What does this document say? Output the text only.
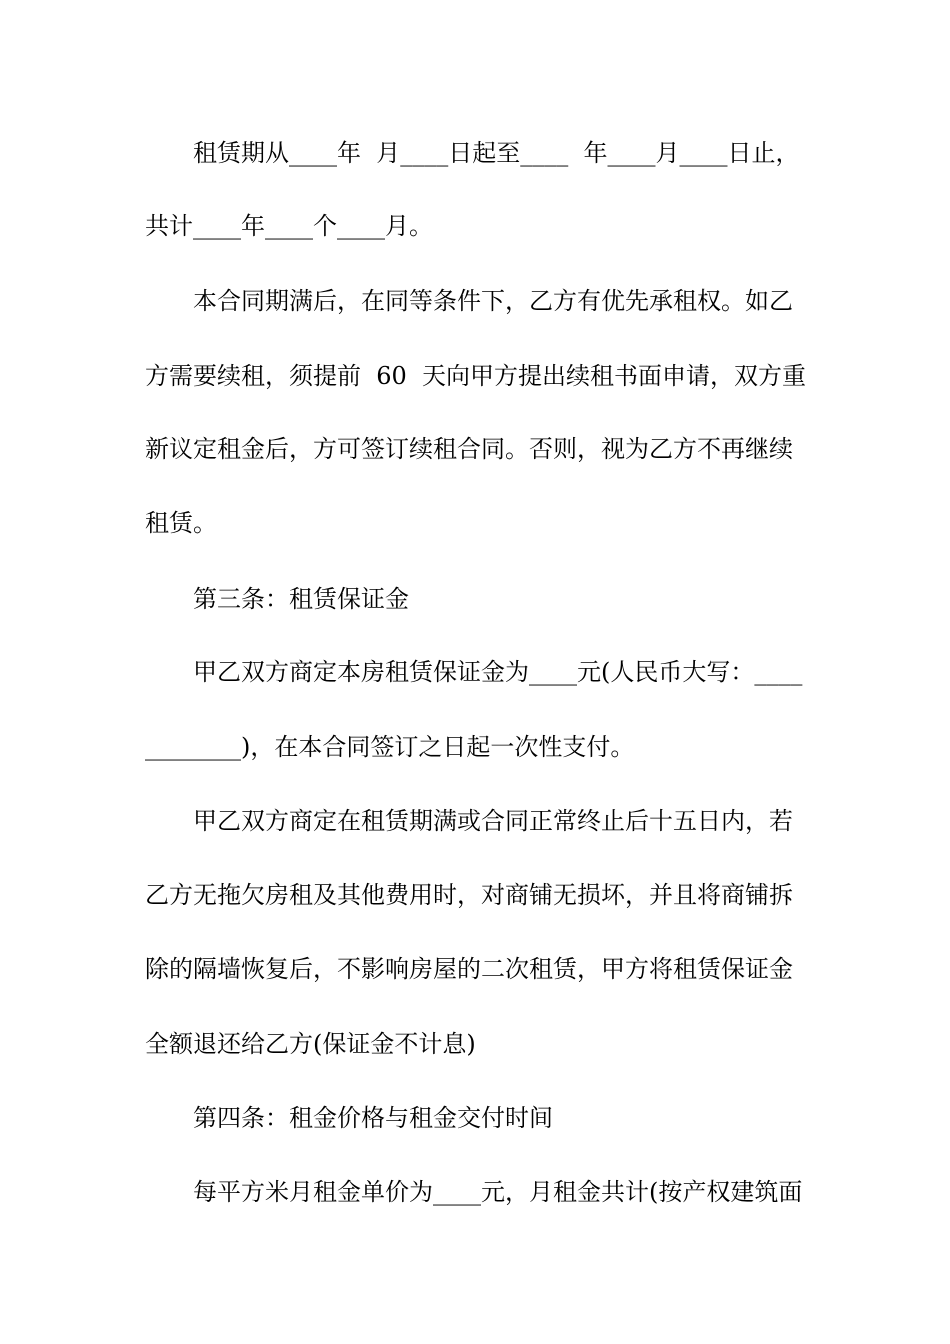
租赁期从____年  月____日起至____  年____月____日止，
共计____年____个____月。
本合同期满后，在同等条件下，乙方有优先承租权。如乙
方需要续租，须提前  60  天向甲方提出续租书面申请，双方重
新议定租金后，方可签订续租合同。否则，视为乙方不再继续
租赁。
第三条：租赁保证金
甲乙双方商定本房租赁保证金为____元(人民币大写：____
________)，在本合同签订之日起一次性支付。
甲乙双方商定在租赁期满或合同正常终止后十五日内，若
乙方无拖欠房租及其他费用时，对商铺无损坏，并且将商铺拆
除的隔墙恢复后，不影响房屋的二次租赁，甲方将租赁保证金
全额退还给乙方(保证金不计息)
第四条：租金价格与租金交付时间
每平方米月租金单价为____元，月租金共计(按产权建筑面
